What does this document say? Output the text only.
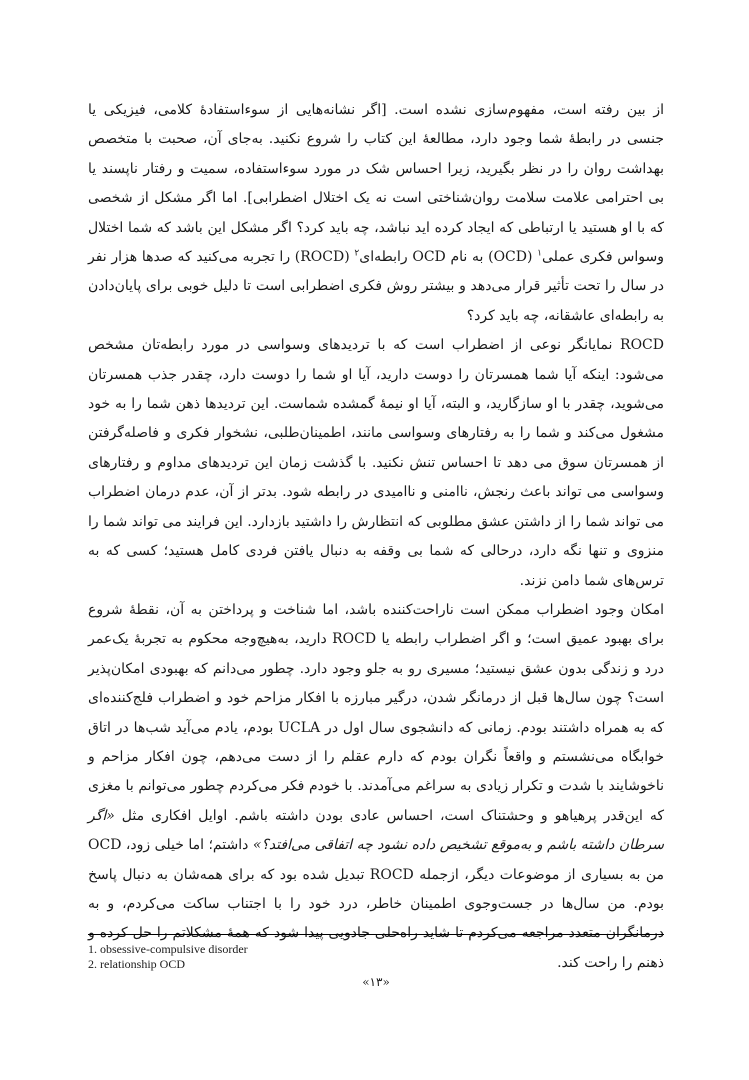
از بین رفته است، مفهوم‌سازی نشده است. [اگر نشانه‌هایی از سوءاستفادهٔ کلامی، فیزیکی یا جنسی در رابطهٔ شما وجود دارد، مطالعهٔ این کتاب را شروع نکنید. به‌جای آن، صحبت با متخصص بهداشت روان را در نظر بگیرید، زیرا احساس شک در مورد سوءاستفاده، سمیت و رفتار ناپسند یا بی احترامی علامت سلامت روان‌شناختی است نه یک اختلال اضطرابی]. اما اگر مشکل از شخصی که با او هستید یا ارتباطی که ایجاد کرده اید نباشد، چه باید کرد؟ اگر مشکل این باشد که شما اختلال وسواس فکری عملی$^١$ (OCD) به نام OCD رابطه‌ای$^٢$ (ROCD) را تجربه می‌کنید که صدها هزار نفر در سال را تحت تأثیر قرار می‌دهد و بیشتر روش فکری اضطرابی است تا دلیل خوبی برای پایان‌دادن به رابطه‌ای عاشقانه، چه باید کرد؟

ROCD نمایانگر نوعی از اضطراب است که با تردیدهای وسواسی در مورد رابطه‌تان مشخص می‌شود: اینکه آیا شما همسرتان را دوست دارید، آیا او شما را دوست دارد، چقدر جذب همسرتان می‌شوید، چقدر با او سازگارید، و البته، آیا او نیمهٔ گمشده شماست. این تردیدها ذهن شما را به خود مشغول می‌کند و شما را به رفتارهای وسواسی مانند، اطمینان‌طلبی، نشخوار فکری و فاصله‌گرفتن از همسرتان سوق می دهد تا احساس تنش نکنید. با گذشت زمان این تردیدهای مداوم و رفتارهای وسواسی می تواند باعث رنجش، ناامنی و ناامیدی در رابطه شود. بدتر از آن، عدم درمان اضطراب می تواند شما را از داشتن عشق مطلوبی که انتظارش را داشتید بازدارد. این فرایند می تواند شما را منزوی و تنها نگه دارد، درحالی که شما بی وقفه به دنبال یافتن فردی کامل هستید؛ کسی که به ترس‌های شما دامن نزند.

امکان وجود اضطراب ممکن است ناراحت‌کننده باشد، اما شناخت و پرداختن به آن، نقطهٔ شروع برای بهبود عمیق است؛ و اگر اضطراب رابطه یا ROCD دارید، به‌هیچ‌وجه محکوم به تجربهٔ یک‌عمر درد و زندگی بدون عشق نیستید؛ مسیری رو به جلو وجود دارد. چطور می‌دانم که بهبودی امکان‌پذیر است؟ چون سال‌ها قبل از درمانگر شدن، درگیر مبارزه با افکار مزاحم خود و اضطراب فلج‌کننده‌ای که به همراه داشتند بودم. زمانی که دانشجوی سال اول در UCLA بودم، یادم می‌آید شب‌ها در اتاق خوابگاه می‌نشستم و واقعاً نگران بودم که دارم عقلم را از دست می‌دهم، چون افکار مزاحم و ناخوشایند با شدت و تکرار زیادی به سراغم می‌آمدند. با خودم فکر می‌کردم چطور می‌توانم با مغزی که این‌قدر پرهیاهو و وحشتناک است، احساس عادی بودن داشته باشم. اوایل افکاری مثل «اگر سرطان داشته باشم و به‌موقع تشخیص داده نشود چه اتفاقی می‌افتد؟» داشتم؛ اما خیلی زود، OCD من به بسیاری از موضوعات دیگر، ازجمله ROCD تبدیل شده بود که برای همه‌شان به دنبال پاسخ بودم. من سال‌ها در جست‌وجوی اطمینان خاطر، درد خود را با اجتناب ساکت می‌کردم، و به درمانگران متعدد مراجعه می‌کردم تا شاید راه‌حلی جادویی پیدا شود که همهٔ مشکلاتم را حل کرده و ذهنم را راحت کند.

1. obsessive-compulsive disorder
2. relationship OCD
«١٣»
